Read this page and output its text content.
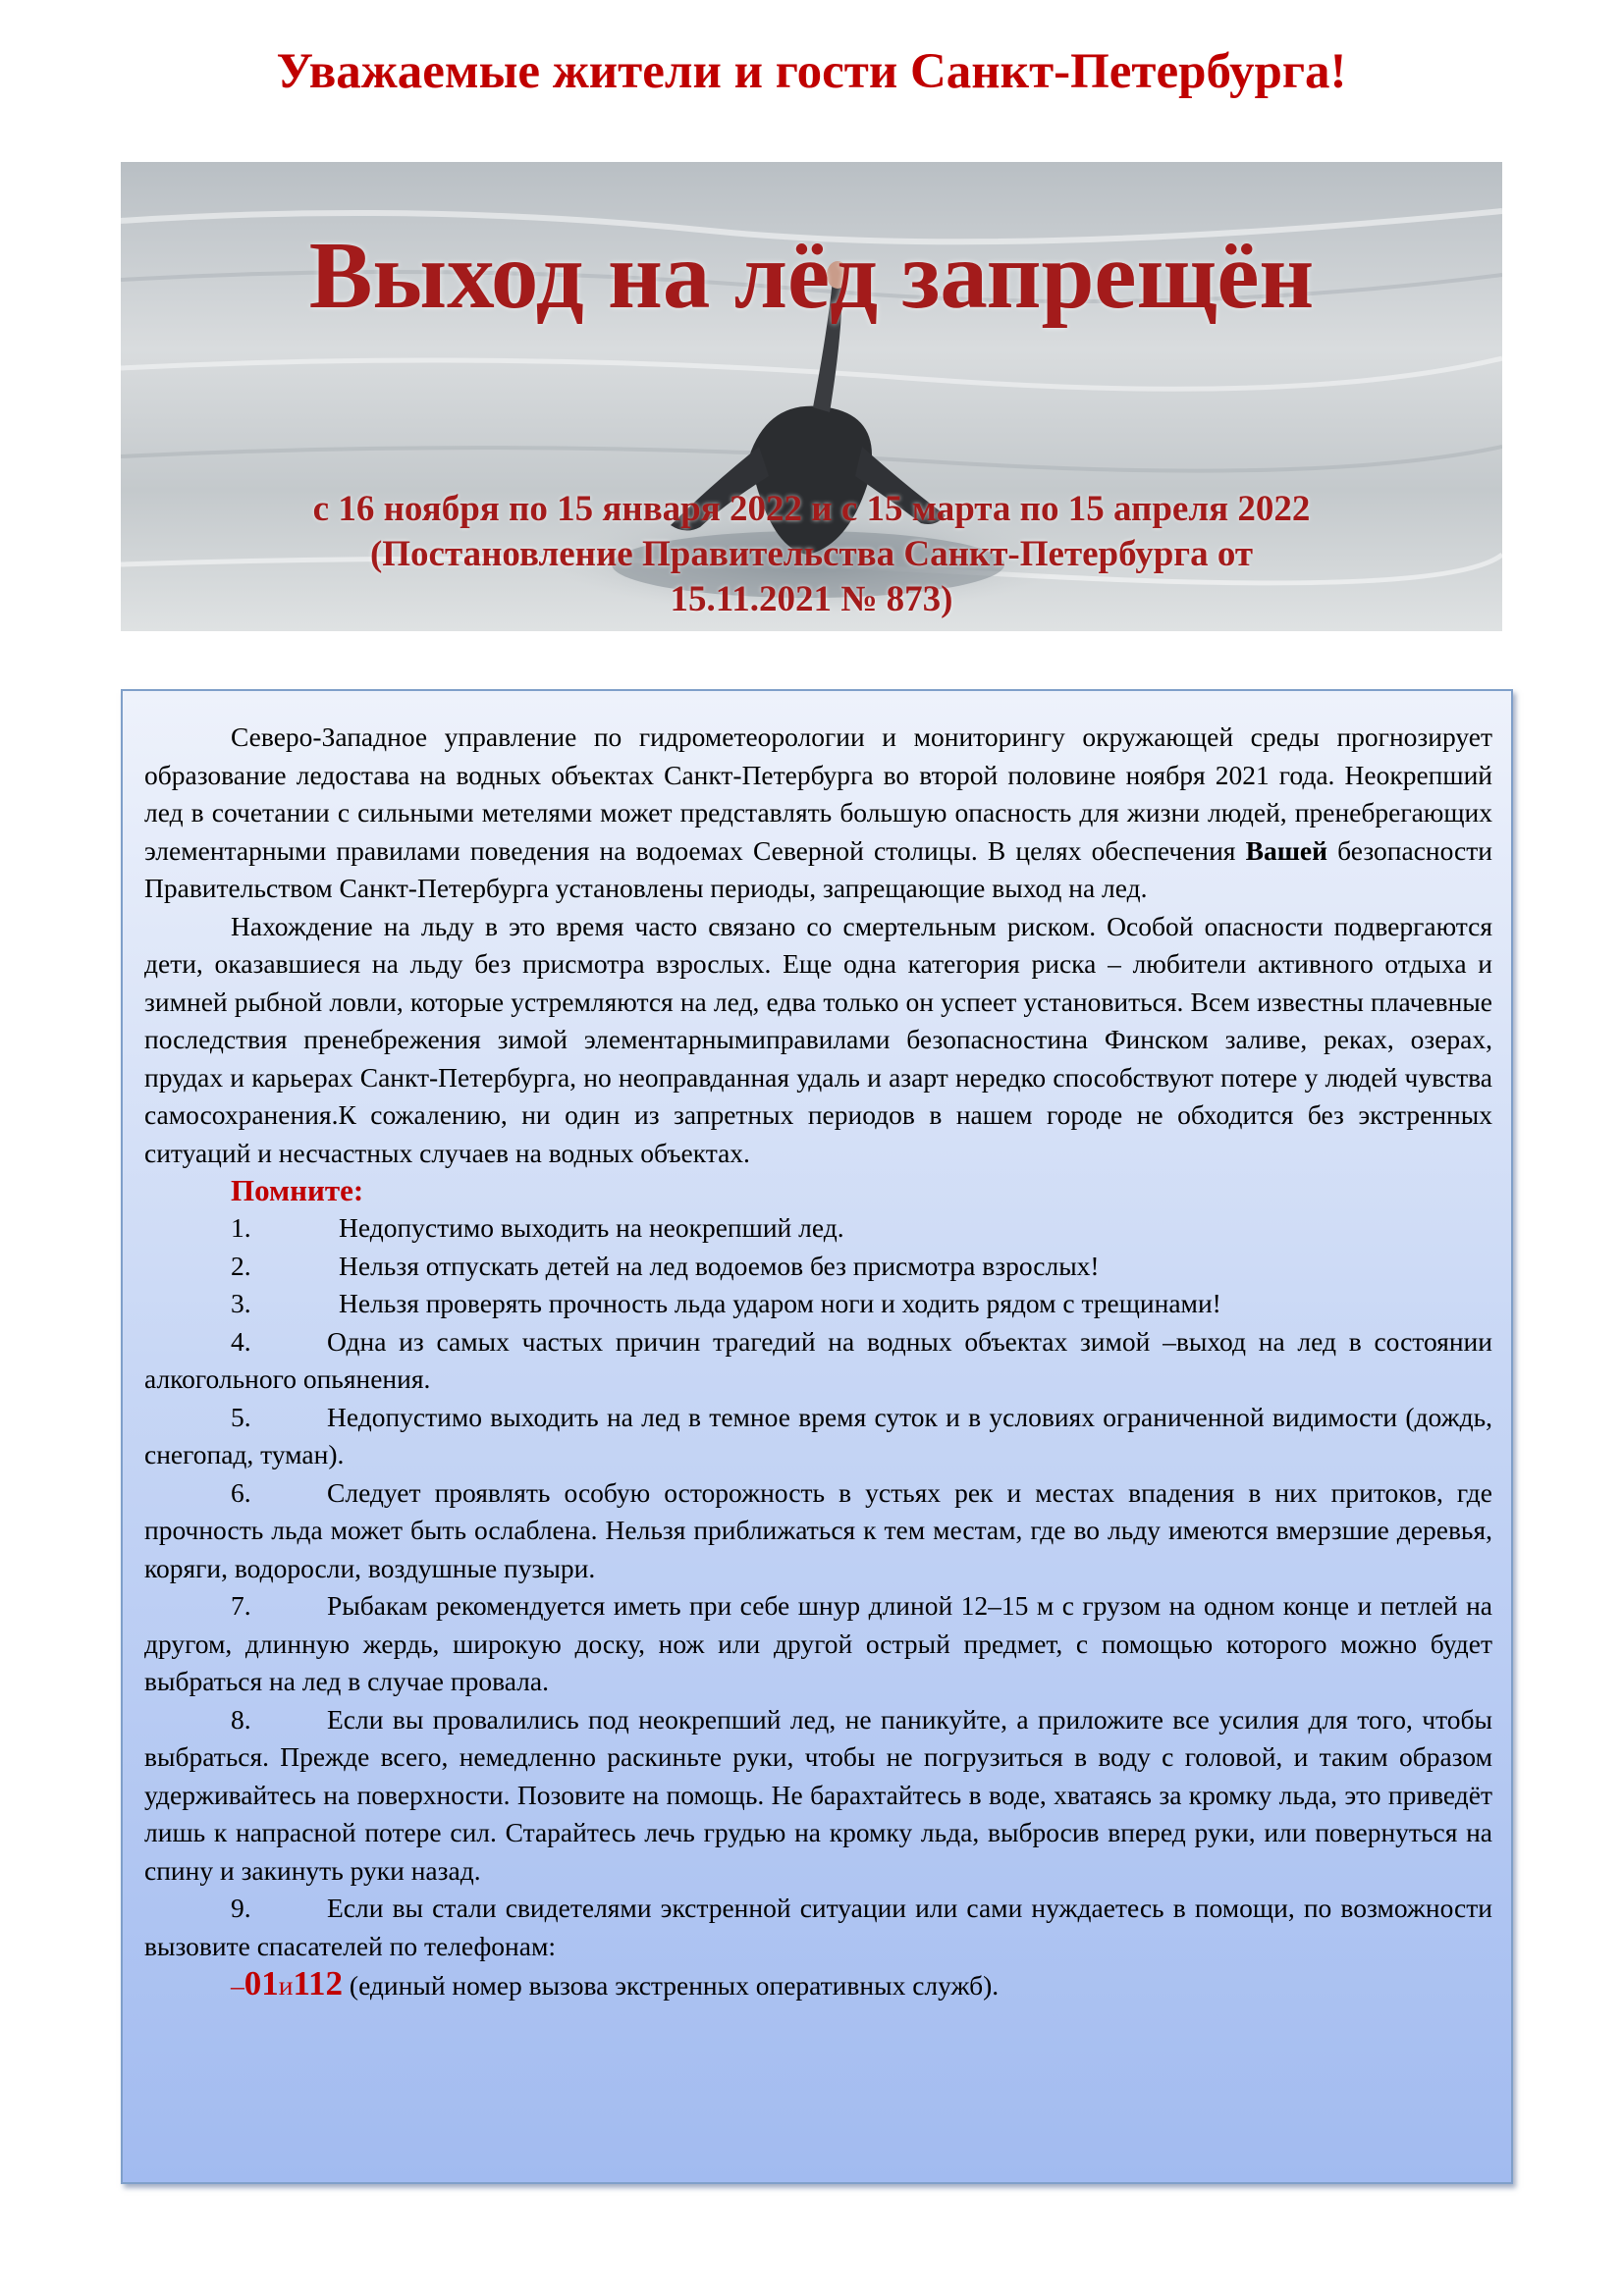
Уважаемые жители и гости Санкт-Петербурга!
Выход на лёд запрещён
с 16 ноября по 15 января 2022 и с 15 марта по 15 апреля 2022
(Постановление Правительства Санкт-Петербурга от
15.11.2021 № 873)

Северо-Западное управление по гидрометеорологии и мониторингу окружающей среды прогнозирует образование ледостава на водных объектах Санкт-Петербурга во второй половине ноября 2021 года. Неокрепший лед в сочетании с сильными метелями может представлять большую опасность для жизни людей, пренебрегающих элементарными правилами поведения на водоемах Северной столицы. В целях обеспечения Вашей безопасности Правительством Санкт-Петербурга установлены периоды, запрещающие выход на лед.

Нахождение на льду в это время часто связано со смертельным риском. Особой опасности подвергаются дети, оказавшиеся на льду без присмотра взрослых. Еще одна категория риска – любители активного отдыха и зимней рыбной ловли, которые устремляются на лед, едва только он успеет установиться. Всем известны плачевные последствия пренебрежения зимой элементарнымиправилами безопасностина Финском заливе, реках, озерах, прудах и карьерах Санкт-Петербурга, но неоправданная удаль и азарт нередко способствуют потере у людей чувства самосохранения.К сожалению, ни один из запретных периодов в нашем городе не обходится без экстренных ситуаций и несчастных случаев на водных объектах.

Помните:
1.	Недопустимо выходить на неокрепший лед.
2.	Нельзя отпускать детей на лед водоемов без присмотра взрослых!
3.	Нельзя проверять прочность льда ударом ноги и ходить рядом с трещинами!

4.	Одна из самых частых причин трагедий на водных объектах зимой –выход на лед в состоянии алкогольного опьянения.

5.	Недопустимо выходить на лед в темное время суток и в условиях ограниченной видимости (дождь, снегопад, туман).

6.	Следует проявлять особую осторожность в устьях рек и местах впадения в них притоков, где прочность льда может быть ослаблена. Нельзя приближаться к тем местам, где во льду имеются вмерзшие деревья, коряги, водоросли, воздушные пузыри.

7.	Рыбакам рекомендуется иметь при себе шнур длиной 12–15 м с грузом на одном конце и петлей на другом, длинную жердь, широкую доску, нож или другой острый предмет, с помощью которого можно будет выбраться на лед в случае провала.

8.	Если вы провалились под неокрепший лед, не паникуйте, а приложите все усилия для того, чтобы выбраться. Прежде всего, немедленно раскиньте руки, чтобы не погрузиться в воду с головой, и таким образом удерживайтесь на поверхности. Позовите на помощь. Не барахтайтесь в воде, хватаясь за кромку льда, это приведёт лишь к напрасной потере сил. Старайтесь лечь грудью на кромку льда, выбросив вперед руки, или повернуться на спину и закинуть руки назад.

9.	Если вы стали свидетелями экстренной ситуации или сами нуждаетесь в помощи, по возможности вызовите спасателей по телефонам:

–01и112 (единый номер вызова экстренных оперативных служб).
